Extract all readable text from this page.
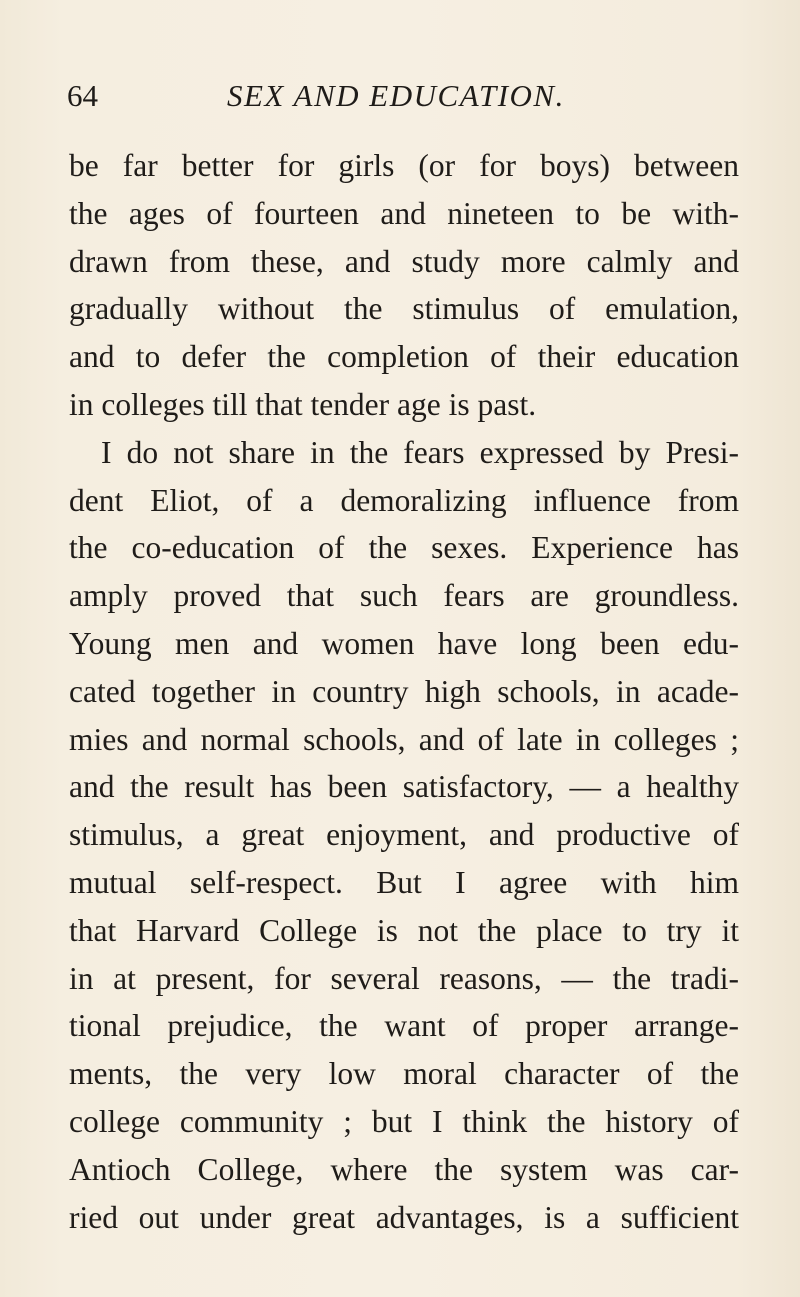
64	SEX AND EDUCATION.
be far better for girls (or for boys) between
the ages of fourteen and nineteen to be with-
drawn from these, and study more calmly and
gradually without the stimulus of emulation,
and to defer the completion of their education
in colleges till that tender age is past.
I do not share in the fears expressed by Presi-
dent Eliot, of a demoralizing influence from
the co-education of the sexes. Experience has
amply proved that such fears are groundless.
Young men and women have long been edu-
cated together in country high schools, in acade-
mies and normal schools, and of late in colleges ;
and the result has been satisfactory, — a healthy
stimulus, a great enjoyment, and productive of
mutual self-respect. But I agree with him
that Harvard College is not the place to try it
in at present, for several reasons, — the tradi-
tional prejudice, the want of proper arrange-
ments, the very low moral character of the
college community ; but I think the history of
Antioch College, where the system was car-
ried out under great advantages, is a sufficient
